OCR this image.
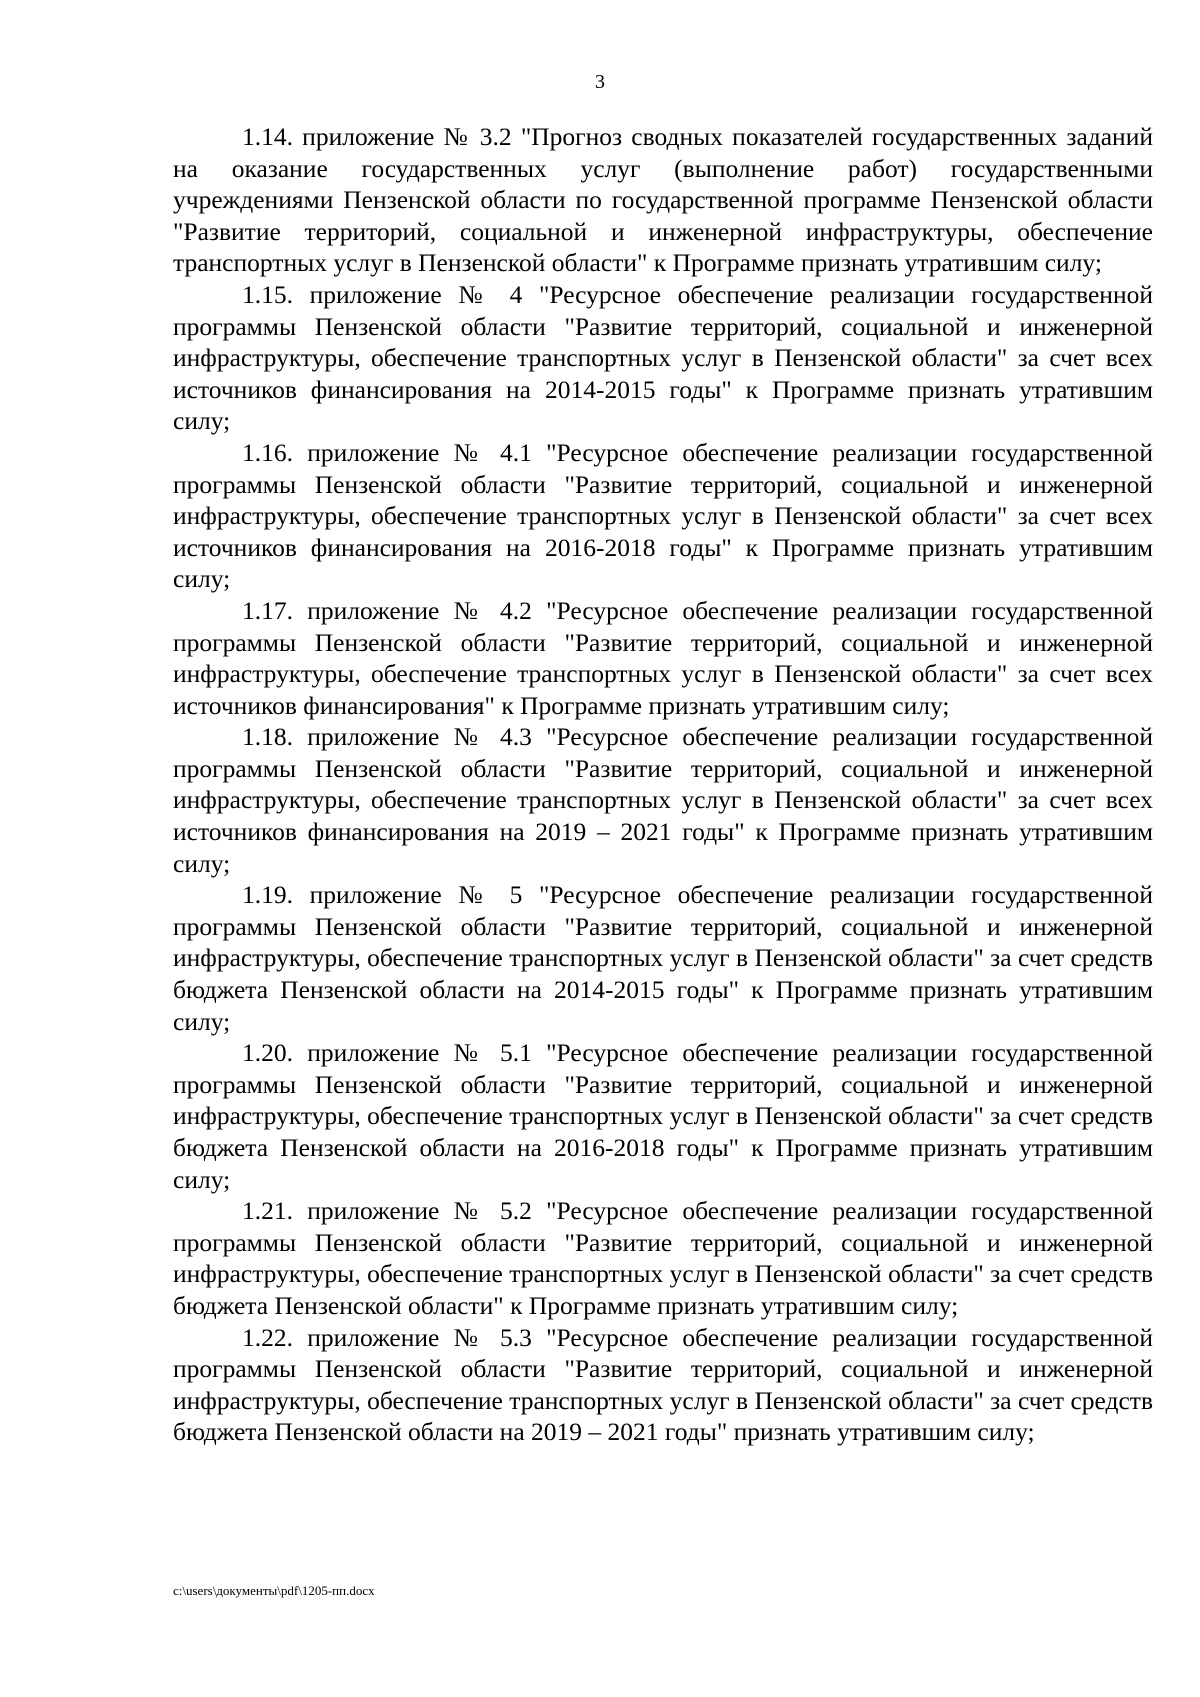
3

1.14. приложение № 3.2 "Прогноз сводных показателей государственных заданий на оказание государственных услуг (выполнение работ) государственными учреждениями Пензенской области по государственной программе Пензенской области "Развитие территорий, социальной и инженерной инфраструктуры, обеспечение транспортных услуг в Пензенской области" к Программе признать утратившим силу;

1.15. приложение № 4 "Ресурсное обеспечение реализации государственной программы Пензенской области "Развитие территорий, социальной и инженерной инфраструктуры, обеспечение транспортных услуг в Пензенской области" за счет всех источников финансирования на 2014-2015 годы" к Программе признать утратившим силу;

1.16. приложение № 4.1 "Ресурсное обеспечение реализации государственной программы Пензенской области "Развитие территорий, социальной и инженерной инфраструктуры, обеспечение транспортных услуг в Пензенской области" за счет всех источников финансирования на 2016-2018 годы" к Программе признать утратившим силу;

1.17. приложение № 4.2 "Ресурсное обеспечение реализации государственной программы Пензенской области "Развитие территорий, социальной и инженерной инфраструктуры, обеспечение транспортных услуг в Пензенской области" за счет всех источников финансирования" к Программе признать утратившим силу;

1.18. приложение № 4.3 "Ресурсное обеспечение реализации государственной программы Пензенской области "Развитие территорий, социальной и инженерной инфраструктуры, обеспечение транспортных услуг в Пензенской области" за счет всех источников финансирования на 2019 – 2021 годы" к Программе признать утратившим силу;

1.19. приложение № 5 "Ресурсное обеспечение реализации государственной программы Пензенской области "Развитие территорий, социальной и инженерной инфраструктуры, обеспечение транспортных услуг в Пензенской области" за счет средств бюджета Пензенской области на 2014-2015 годы" к Программе признать утратившим силу;

1.20. приложение № 5.1 "Ресурсное обеспечение реализации государственной программы Пензенской области "Развитие территорий, социальной и инженерной инфраструктуры, обеспечение транспортных услуг в Пензенской области" за счет средств бюджета Пензенской области на 2016-2018 годы" к Программе признать утратившим силу;

1.21. приложение № 5.2 "Ресурсное обеспечение реализации государственной программы Пензенской области "Развитие территорий, социальной и инженерной инфраструктуры, обеспечение транспортных услуг в Пензенской области" за счет средств бюджета Пензенской области" к Программе признать утратившим силу;

1.22. приложение № 5.3 "Ресурсное обеспечение реализации государственной программы Пензенской области "Развитие территорий, социальной и инженерной инфраструктуры, обеспечение транспортных услуг в Пензенской области" за счет средств бюджета Пензенской области на 2019 – 2021 годы" признать утратившим силу;

c:\users\документы\pdf\1205-пп.docx
